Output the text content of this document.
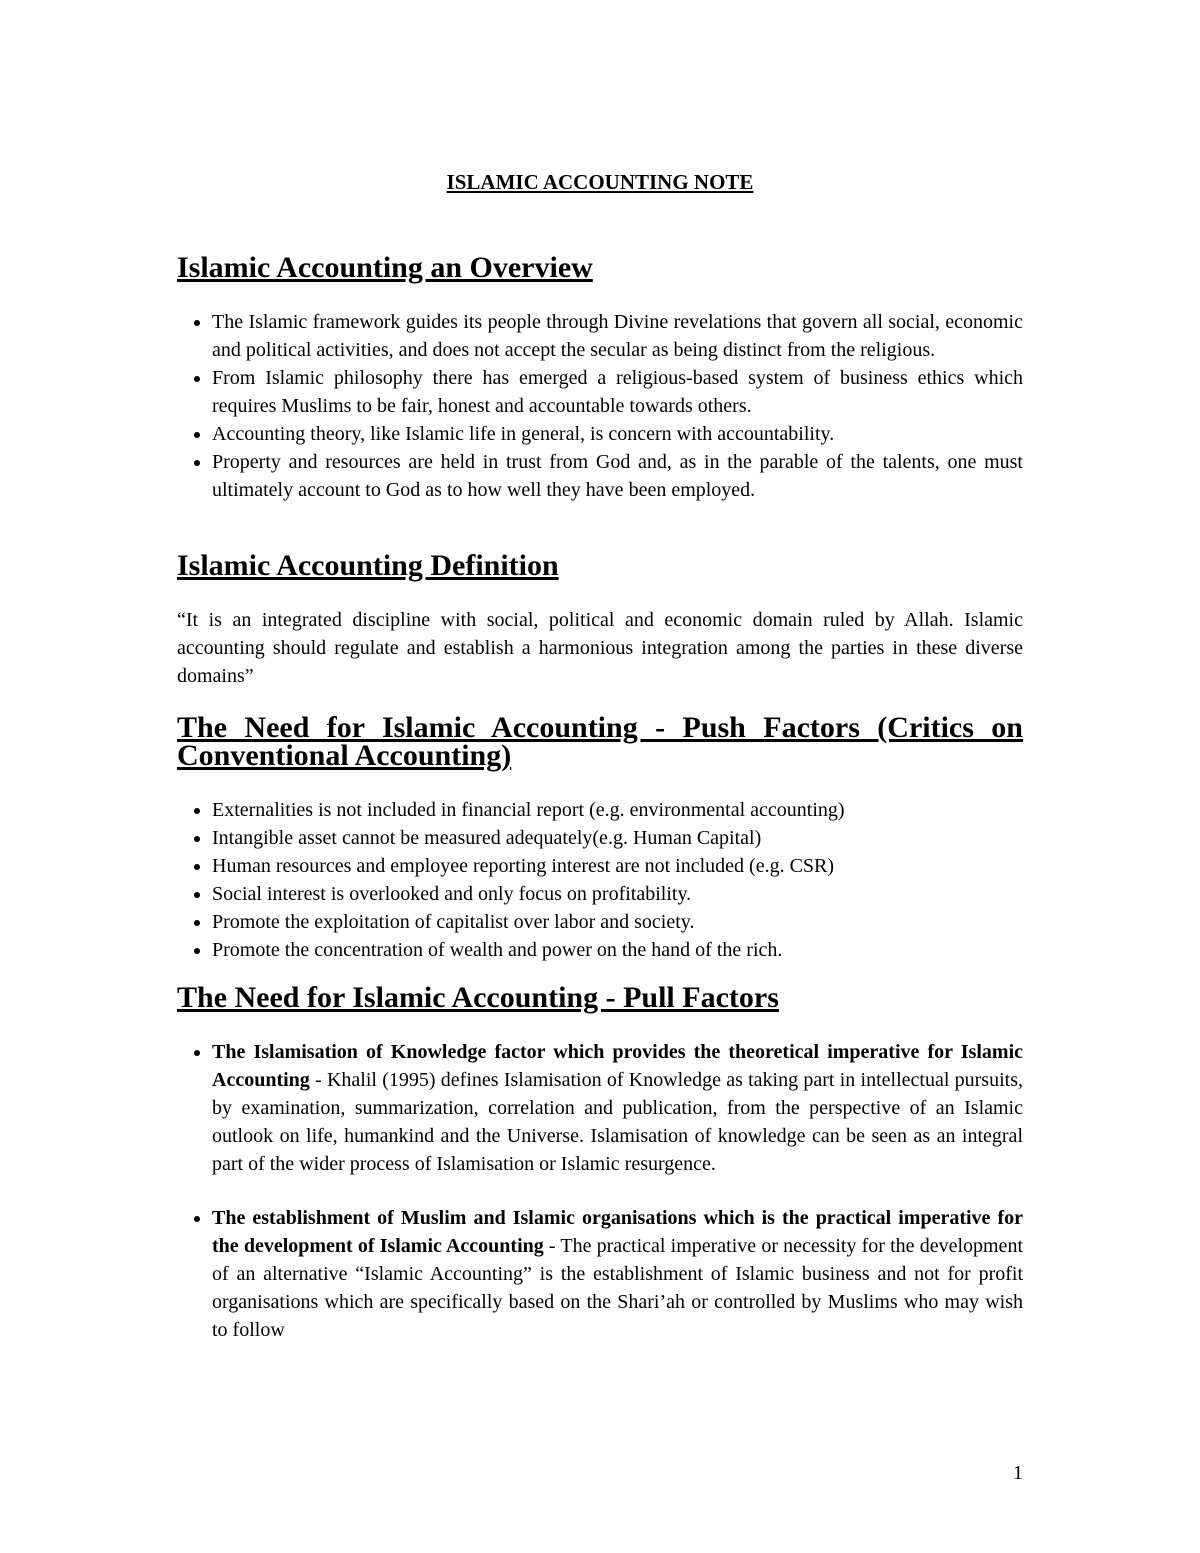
ISLAMIC ACCOUNTING NOTE
Islamic Accounting an Overview
• The Islamic framework guides its people through Divine revelations that govern all social, economic and political activities, and does not accept the secular as being distinct from the religious.
• From Islamic philosophy there has emerged a religious-based system of business ethics which requires Muslims to be fair, honest and accountable towards others.
• Accounting theory, like Islamic life in general, is concern with accountability.
• Property and resources are held in trust from God and, as in the parable of the talents, one must ultimately account to God as to how well they have been employed.
Islamic Accounting Definition

“It is an integrated discipline with social, political and economic domain ruled by Allah. Islamic accounting should regulate and establish a harmonious integration among the parties in these diverse domains”

The Need for Islamic Accounting - Push Factors (Critics on Conventional Accounting)
• Externalities is not included in financial report (e.g. environmental accounting)
• Intangible asset cannot be measured adequately(e.g. Human Capital)
• Human resources and employee reporting interest are not included (e.g. CSR)
• Social interest is overlooked and only focus on profitability.
• Promote the exploitation of capitalist over labor and society.
• Promote the concentration of wealth and power on the hand of the rich.
The Need for Islamic Accounting - Pull Factors
• The Islamisation of Knowledge factor which provides the theoretical imperative for Islamic Accounting - Khalil (1995) defines Islamisation of Knowledge as taking part in intellectual pursuits, by examination, summarization, correlation and publication, from the perspective of an Islamic outlook on life, humankind and the Universe. Islamisation of knowledge can be seen as an integral part of the wider process of Islamisation or Islamic resurgence.
• The establishment of Muslim and Islamic organisations which is the practical imperative for the development of Islamic Accounting - The practical imperative or necessity for the development of an alternative “Islamic Accounting” is the establishment of Islamic business and not for profit organisations which are specifically based on the Shari’ah or controlled by Muslims who may wish to follow
1
